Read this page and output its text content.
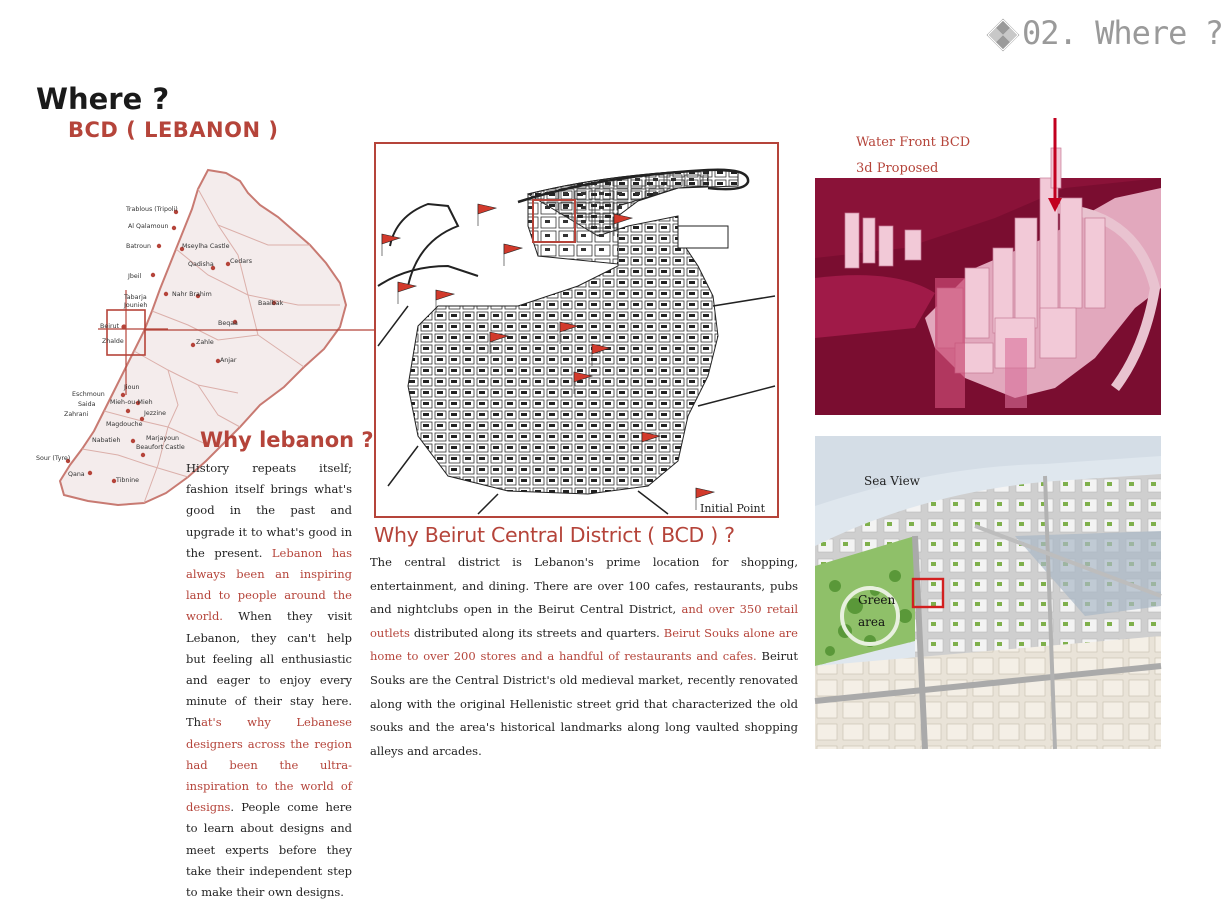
02. Where ?
Where ?
BCD ( LEBANON )
Trablous (Tripoli)
Al Qalamoun
Batroun	Mseylha Castle
Qadisha	Cedars
Jbeil
Tabarja
Jounieh
Nahr Brahim
Baalbak
Beirut	Beqaa
Zhalde	Zahle
Anjar
Eschmoun
Saida
Jioun
Mieh-ou-Mieh
Zahrani	Jezzine
Magdouche
Nabatieh	Marjayoun
Beaufort Castle
Sour (Tyre)
Qana
Tibnine
Why lebanon ?
History repeats itself; fashion itself brings what's good in the past and upgrade it to what's good in the present. Lebanon has always been an inspiring land to people around the world. When they visit Lebanon, they can't help but feeling all enthusiastic and eager to enjoy every minute of their stay here. That's why Lebanese designers across the region had been the ultra- inspiration to the world of designs. People come here to learn about designs and meet experts before they take their independent step to make their own designs.
Initial Point
Why Beirut Central District ( BCD ) ?
The central district is Lebanon's prime location for shopping, entertainment, and dining. There are over 100 cafes, restaurants, pubs and nightclubs open in the Beirut Central District, and over 350 retail outlets distributed along its streets and quarters. Beirut Souks alone are home to over 200 stores and a handful of restaurants and cafes. Beirut Souks are the Central District's old medieval market, recently renovated along with the original Hellenistic street grid that characterized the old souks and the area's historical landmarks along long vaulted shopping alleys and arcades.
Water Front BCD
3d Proposed
Sea View
Green
area
